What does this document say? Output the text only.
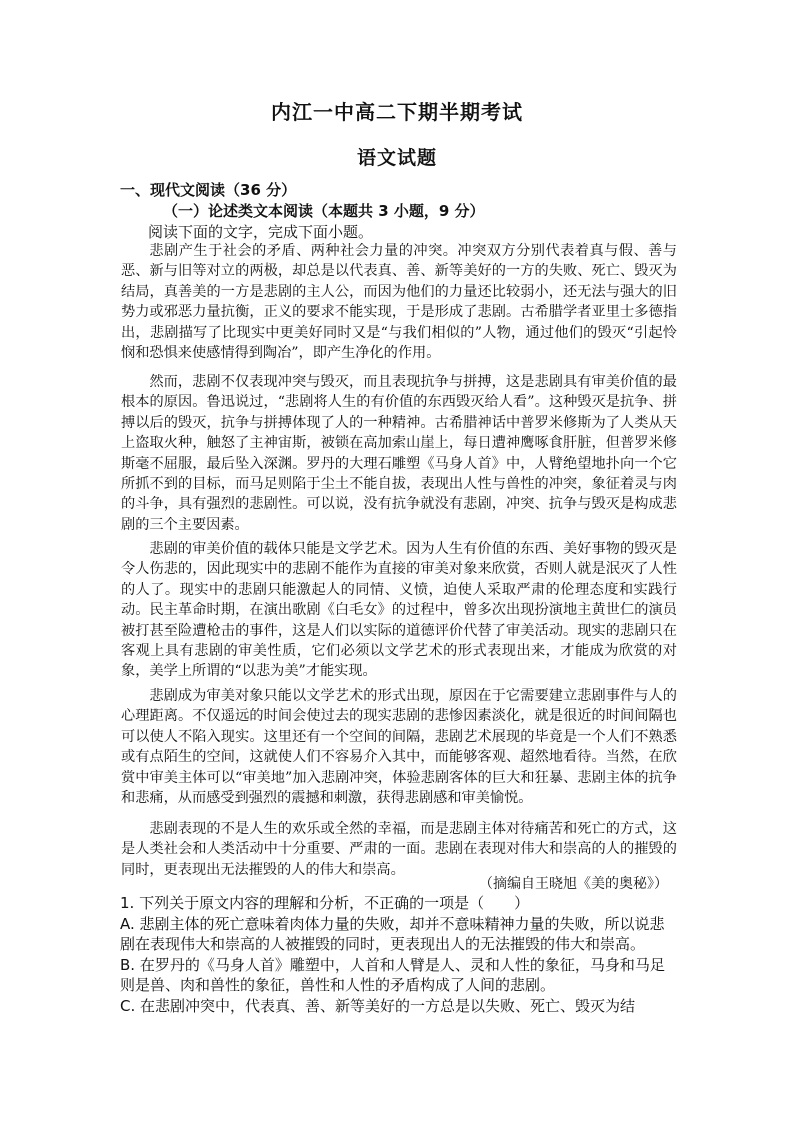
内江一中高二下期半期考试
语文试题
一、现代文阅读（36 分）
（一）论述类文本阅读（本题共 3 小题，9 分）
阅读下面的文字，完成下面小题。

悲剧产生于社会的矛盾、两种社会力量的冲突。冲突双方分别代表着真与假、善与恶、新与旧等对立的两极，却总是以代表真、善、新等美好的一方的失败、死亡、毁灭为结局，真善美的一方是悲剧的主人公，而因为他们的力量还比较弱小，还无法与强大的旧势力或邪恶力量抗衡，正义的要求不能实现，于是形成了悲剧。古希腊学者亚里士多德指出，悲剧描写了比现实中更美好同时又是“与我们相似的”人物，通过他们的毁灭“引起怜悯和恐惧来使感情得到陶冶”，即产生净化的作用。

然而，悲剧不仅表现冲突与毁灭，而且表现抗争与拼搏，这是悲剧具有审美价值的最根本的原因。鲁迅说过，“悲剧将人生的有价值的东西毁灭给人看”。这种毁灭是抗争、拼搏以后的毁灭，抗争与拼搏体现了人的一种精神。古希腊神话中普罗米修斯为了人类从天上盗取火种，触怒了主神宙斯，被锁在高加索山崖上，每日遭神鹰啄食肝脏，但普罗米修斯毫不屈服，最后坠入深渊。罗丹的大理石雕塑《马身人首》中，人臂绝望地扑向一个它所抓不到的目标，而马足则陷于尘土不能自拔，表现出人性与兽性的冲突，象征着灵与肉的斗争，具有强烈的悲剧性。可以说，没有抗争就没有悲剧，冲突、抗争与毁灭是构成悲剧的三个主要因素。

悲剧的审美价值的载体只能是文学艺术。因为人生有价值的东西、美好事物的毁灭是令人伤悲的，因此现实中的悲剧不能作为直接的审美对象来欣赏，否则人就是泯灭了人性的人了。现实中的悲剧只能激起人的同情、义愤，迫使人采取严肃的伦理态度和实践行动。民主革命时期，在演出歌剧《白毛女》的过程中，曾多次出现扮演地主黄世仁的演员被打甚至险遭枪击的事件，这是人们以实际的道德评价代替了审美活动。现实的悲剧只在客观上具有悲剧的审美性质，它们必须以文学艺术的形式表现出来，才能成为欣赏的对象，美学上所谓的“以悲为美”才能实现。

悲剧成为审美对象只能以文学艺术的形式出现，原因在于它需要建立悲剧事件与人的心理距离。不仅遥远的时间会使过去的现实悲剧的悲惨因素淡化，就是很近的时间间隔也可以使人不陷入现实。这里还有一个空间的间隔，悲剧艺术展现的毕竟是一个人们不熟悉或有点陌生的空间，这就使人们不容易介入其中，而能够客观、超然地看待。当然，在欣赏中审美主体可以“审美地”加入悲剧冲突，体验悲剧客体的巨大和狂暴、悲剧主体的抗争和悲痛，从而感受到强烈的震撼和刺激，获得悲剧感和审美愉悦。

悲剧表现的不是人生的欢乐或全然的幸福，而是悲剧主体对待痛苦和死亡的方式，这是人类社会和人类活动中十分重要、严肃的一面。悲剧在表现对伟大和崇高的人的摧毁的同时，更表现出无法摧毁的人的伟大和崇高。

（摘编自王晓旭《美的奥秘》）
1. 下列关于原文内容的理解和分析，不正确的一项是（　　）
A. 悲剧主体的死亡意味着肉体力量的失败，却并不意味精神力量的失败，所以说悲剧在表现伟大和崇高的人被摧毁的同时，更表现出人的无法摧毁的伟大和崇高。
B. 在罗丹的《马身人首》雕塑中，人首和人臂是人、灵和人性的象征，马身和马足则是兽、肉和兽性的象征，兽性和人性的矛盾构成了人间的悲剧。
C. 在悲剧冲突中，代表真、善、新等美好的一方总是以失败、死亡、毁灭为结
